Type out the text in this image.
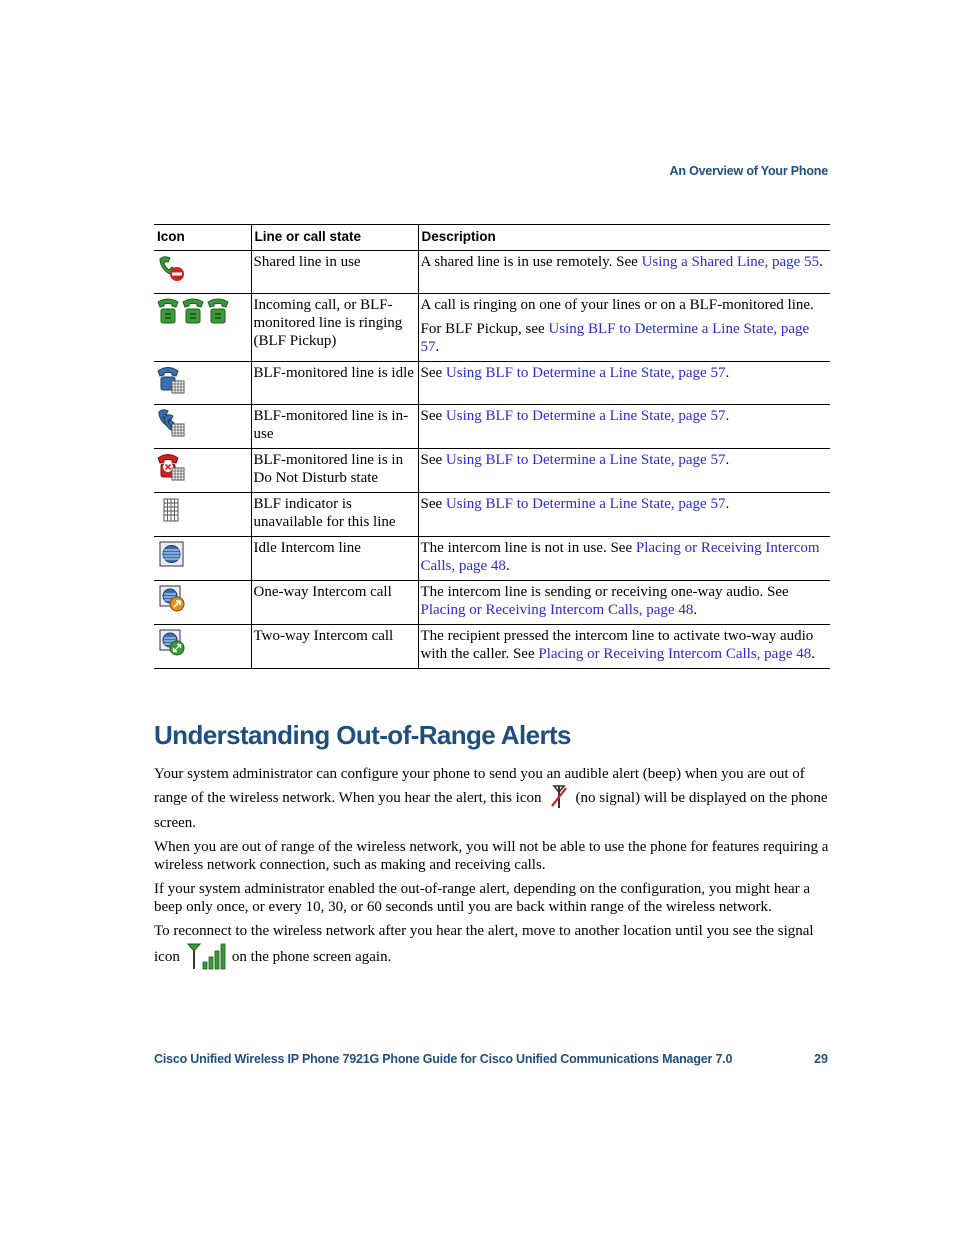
An Overview of Your Phone
Icon	Line or call state	Description
	Shared line in use	A shared line is in use remotely. See Using a Shared Line, page 55.

	Incoming call, or BLF-monitored line is ringing (BLF Pickup)	A call is ringing on one of your lines or on a BLF-monitored line.

For BLF Pickup, see Using BLF to Determine a Line State, page 57.

	BLF-monitored line is idle	See Using BLF to Determine a Line State, page 57.

	BLF-monitored line is in-use	See Using BLF to Determine a Line State, page 57.

	BLF-monitored line is in Do Not Disturb state	See Using BLF to Determine a Line State, page 57.

	BLF indicator is unavailable for this line	See Using BLF to Determine a Line State, page 57.

	Idle Intercom line	The intercom line is not in use. See Placing or Receiving Intercom Calls, page 48.

	One-way Intercom call	The intercom line is sending or receiving one-way audio. See Placing or Receiving Intercom Calls, page 48.

	Two-way Intercom call	The recipient pressed the intercom line to activate two-way audio with the caller. See Placing or Receiving Intercom Calls, page 48.

Understanding Out-of-Range Alerts

Your system administrator can configure your phone to send you an audible alert (beep) when you are out of range of the wireless network. When you hear the alert, this icon (no signal) will be displayed on the phone screen.

When you are out of range of the wireless network, you will not be able to use the phone for features requiring a wireless network connection, such as making and receiving calls.

If your system administrator enabled the out-of-range alert, depending on the configuration, you might hear a beep only once, or every 10, 30, or 60 seconds until you are back within range of the wireless network.

To reconnect to the wireless network after you hear the alert, move to another location until you see the signal icon	on the phone screen again.

Cisco Unified Wireless IP Phone 7921G Phone Guide for Cisco Unified Communications Manager 7.0	29
